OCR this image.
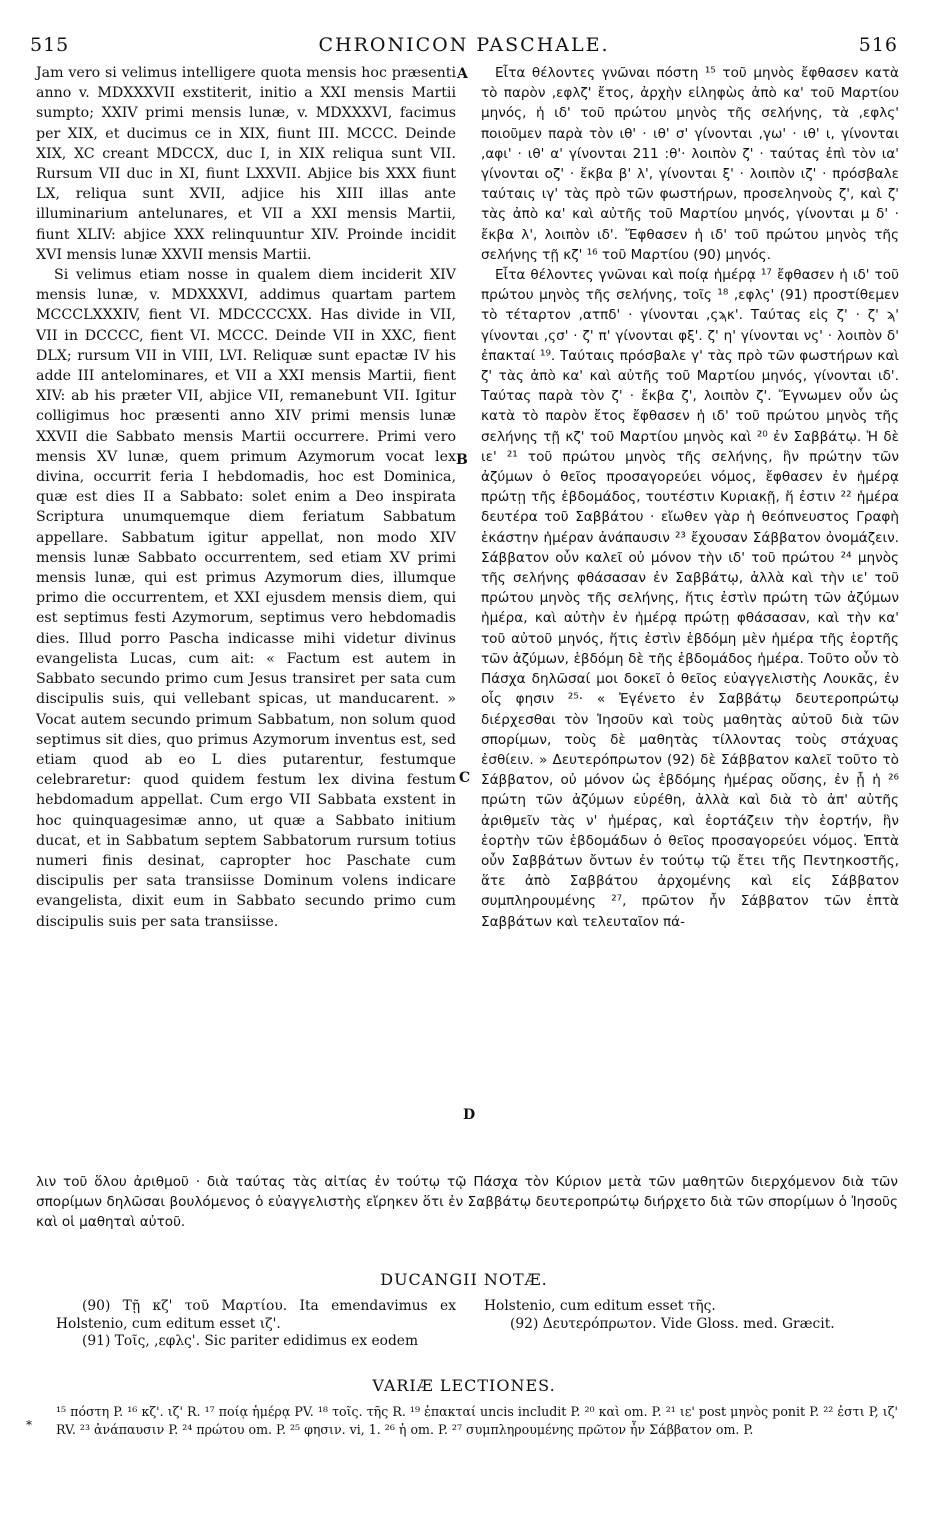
515	CHRONICON PASCHALE.	516

Jam vero si velimus intelligere quota mensis hoc præsenti anno v. MDXXXVII exstiterit, initio a XXI mensis Martii sumpto; XXIV primi mensis lunæ, v. MDXXXVI, facimus per XIX, et ducimus ce in XIX, fiunt III. MCCC. Deinde XIX, XC creant MDCCX, duc I, in XIX reliqua sunt VII. Rursum VII duc in XI, fiunt LXXVII. Abjice bis XXX fiunt LX, reliqua sunt XVII, adjice his XIII illas ante illuminarium antelunares, et VII a XXI mensis Martii, fiunt XLIV: abjice XXX relinquuntur XIV. Proinde incidit XVI mensis lunæ XXVII mensis Martii.

Si velimus etiam nosse in qualem diem inciderit XIV mensis lunæ, v. MDXXXVI, addimus quartam partem MCCCLXXXIV, fient VI. MDCCCCXX. Has divide in VII, VII in DCCCC, fient VI. MCCC. Deinde VII in XXC, fient DLX; rursum VII in VIII, LVI. Reliquæ sunt epactæ IV his adde III antelominares, et VII a XXI mensis Martii, fient XIV: ab his præter VII, abjice VII, remanebunt VII. Igitur colligimus hoc præsenti anno XIV primi mensis lunæ XXVII die Sabbato mensis Martii occurrere. Primi vero mensis XV lunæ, quem primum Azymorum vocat lex divina, occurrit feria I hebdomadis, hoc est Dominica, quæ est dies II a Sabbato: solet enim a Deo inspirata Scriptura unumquemque diem feriatum Sabbatum appellare. Sabbatum igitur appellat, non modo XIV mensis lunæ Sabbato occurrentem, sed etiam XV primi mensis lunæ, qui est primus Azymorum dies, illumque primo die occurrentem, et XXI ejusdem mensis diem, qui est septimus festi Azymorum, septimus vero hebdomadis dies. Illud porro Pascha indicasse mihi videtur divinus evangelista Lucas, cum ait: « Factum est autem in Sabbato secundo primo cum Jesus transiret per sata cum discipulis suis, qui vellebant spicas, ut manducarent. » Vocat autem secundo primum Sabbatum, non solum quod septimus sit dies, quo primus Azymorum inventus est, sed etiam quod ab eo L dies putarentur, festumque celebraretur: quod quidem festum lex divina festum hebdomadum appellat. Cum ergo VII Sabbata exstent in hoc quinquagesimæ anno, ut quæ a Sabbato initium ducat, et in Sabbatum septem Sabbatorum rursum totius numeri finis desinat, capropter hoc Paschate cum discipulis per sata transiisse Dominum volens indicare evangelista, dixit eum in Sabbato secundo primo cum discipulis suis per sata transiisse.

A
B
C
D

Εἶτα θέλοντες γνῶναι πόστη ¹⁵ τοῦ μηνὸς ἔφθασεν κατὰ τὸ παρὸν ,εφλζ' ἔτος, ἀρχὴν εἰληφὼς ἀπὸ κα' τοῦ Μαρτίου μηνός, ἡ ιδ' τοῦ πρώτου μηνὸς τῆς σελήνης, τὰ ,εφλς' ποιοῦμεν παρὰ τὸν ιθ' · ιθ' σ' γίνονται ,γω' · ιθ' ι, γίνονται ,αφι' · ιθ' α' γίνονται 211 :θ'· λοιπὸν ζ' · ταύτας ἐπὶ τὸν ια' γίνονται οζ' · ἔκβα β' λ', γίνονται ξ' · λοιπὸν ιζ' · πρόσβαλε ταύταις ιγ' τὰς πρὸ τῶν φωστήρων, προσεληνοὺς ζ', καὶ ζ' τὰς ἀπὸ κα' καὶ αὐτῆς τοῦ Μαρτίου μηνός, γίνονται μ δ' · ἔκβα λ', λοιπὸν ιδ'. Ἔφθασεν ἡ ιδ' τοῦ πρώτου μηνὸς τῆς σελήνης τῇ κζ' ¹⁶ τοῦ Μαρτίου (90) μηνός.

Εἶτα θέλοντες γνῶναι καὶ ποίᾳ ἡμέρᾳ ¹⁷ ἔφθασεν ἡ ιδ' τοῦ πρώτου μηνὸς τῆς σελήνης, τοῖς ¹⁸ ,εφλς' (91) προστίθεμεν τὸ τέταρτον ,ατπδ' · γίνονται ,ςϡκ'. Ταύτας εἰς ζ' · ζ' ϡ' γίνονται ,ςσ' · ζ' π' γίνονται φξ'. ζ' η' γίνονται νς' · λοιπὸν δ' ἐπακταί ¹⁹. Ταύταις πρόσβαλε γ' τὰς πρὸ τῶν φωστήρων καὶ ζ' τὰς ἀπὸ κα' καὶ αὐτῆς τοῦ Μαρτίου μηνός, γίνονται ιδ'. Ταύτας παρὰ τὸν ζ' · ἔκβα ζ', λοιπὸν ζ'. Ἔγνωμεν οὖν ὡς κατὰ τὸ παρὸν ἔτος ἔφθασεν ἡ ιδ' τοῦ πρώτου μηνὸς τῆς σελήνης τῇ κζ' τοῦ Μαρτίου μηνὸς καὶ ²⁰ ἐν Σαββάτῳ. Ἡ δὲ ιε' ²¹ τοῦ πρώτου μηνὸς τῆς σελήνης, ἣν πρώτην τῶν ἀζύμων ὁ θεῖος προσαγορεύει νόμος, ἔφθασεν ἐν ἡμέρᾳ πρώτῃ τῆς ἑβδομάδος, τουτέστιν Κυριακῇ, ἥ ἐστιν ²² ἡμέρα δευτέρα τοῦ Σαββάτου · εἴωθεν γὰρ ἡ θεόπνευστος Γραφὴ ἑκάστην ἡμέραν ἀνάπαυσιν ²³ ἔχουσαν Σάββατον ὀνομάζειν. Σάββατον οὖν καλεῖ οὐ μόνον τὴν ιδ' τοῦ πρώτου ²⁴ μηνὸς τῆς σελήνης φθάσασαν ἐν Σαββάτῳ, ἀλλὰ καὶ τὴν ιε' τοῦ πρώτου μηνὸς τῆς σελήνης, ἥτις ἐστὶν πρώτη τῶν ἀζύμων ἡμέρα, καὶ αὐτὴν ἐν ἡμέρᾳ πρώτῃ φθάσασαν, καὶ τὴν κα' τοῦ αὐτοῦ μηνός, ἥτις ἐστὶν ἑβδόμη μὲν ἡμέρα τῆς ἑορτῆς τῶν ἀζύμων, ἑβδόμη δὲ τῆς ἑβδομάδος ἡμέρα. Τοῦτο οὖν τὸ Πάσχα δηλῶσαί μοι δοκεῖ ὁ θεῖος εὐαγγελιστὴς Λουκᾶς, ἐν οἷς φησιν ²⁵· « Ἐγένετο ἐν Σαββάτῳ δευτεροπρώτῳ διέρχεσθαι τὸν Ἰησοῦν καὶ τοὺς μαθητὰς αὐτοῦ διὰ τῶν σπορίμων, τοὺς δὲ μαθητὰς τίλλοντας τοὺς στάχυας ἐσθίειν. » Δευτερόπρωτον (92) δὲ Σάββατον καλεῖ τοῦτο τὸ Σάββατον, οὐ μόνον ὡς ἑβδόμης ἡμέρας οὔσης, ἐν ᾗ ἡ ²⁶ πρώτη τῶν ἀζύμων εὑρέθη, ἀλλὰ καὶ διὰ τὸ ἀπ' αὐτῆς ἀριθμεῖν τὰς ν' ἡμέρας, καὶ ἑορτάζειν τὴν ἑορτήν, ἣν ἑορτὴν τῶν ἑβδομάδων ὁ θεῖος προσαγορεύει νόμος. Ἑπτὰ οὖν Σαββάτων ὄντων ἐν τούτῳ τῷ ἔτει τῆς Πεντηκοστῆς, ἅτε ἀπὸ Σαββάτου ἀρχομένης καὶ εἰς Σάββατον συμπληρουμένης ²⁷, πρῶτον ἦν Σάββατον τῶν ἑπτὰ Σαββάτων καὶ τελευταῖον πά-

λιν τοῦ ὅλου ἀριθμοῦ · διὰ ταύτας τὰς αἰτίας ἐν τούτῳ τῷ Πάσχα τὸν Κύριον μετὰ τῶν μαθητῶν διερχόμενον διὰ τῶν σπορίμων δηλῶσαι βουλόμενος ὁ εὐαγγελιστὴς εἴρηκεν ὅτι ἐν Σαββάτῳ δευτεροπρώτῳ διήρχετο διὰ τῶν σπορίμων ὁ Ἰησοῦς καὶ οἱ μαθηταὶ αὐτοῦ.
DUCANGII NOTÆ.

(90) Τῇ κζ' τοῦ Μαρτίου. Ita emendavimus ex Holstenio, cum editum esset ιζ'.

(91) Τοῖς, ,εφλς'. Sic pariter edidimus ex eodem

Holstenio, cum editum esset τῆς.

(92) Δευτερόπρωτον. Vide Gloss. med. Græcit.

VARIÆ LECTIONES.
*
¹⁵ πόστη P. ¹⁶ κζ'. ιζ' R. ¹⁷ ποίᾳ ἡμέρᾳ PV. ¹⁸ τοῖς. τῆς R. ¹⁹ ἐπακταί uncis includit P. ²⁰ καὶ om. P. ²¹ ιε' post μηνὸς ponit P. ²² ἐστι P, ιζ' RV. ²³ ἀνάπαυσιν P. ²⁴ πρώτου om. P. ²⁵ φησιν. vi, 1. ²⁶ ἡ om. P. ²⁷ συμπληρουμένης πρῶτον ἦν Σάββατον om. P.
